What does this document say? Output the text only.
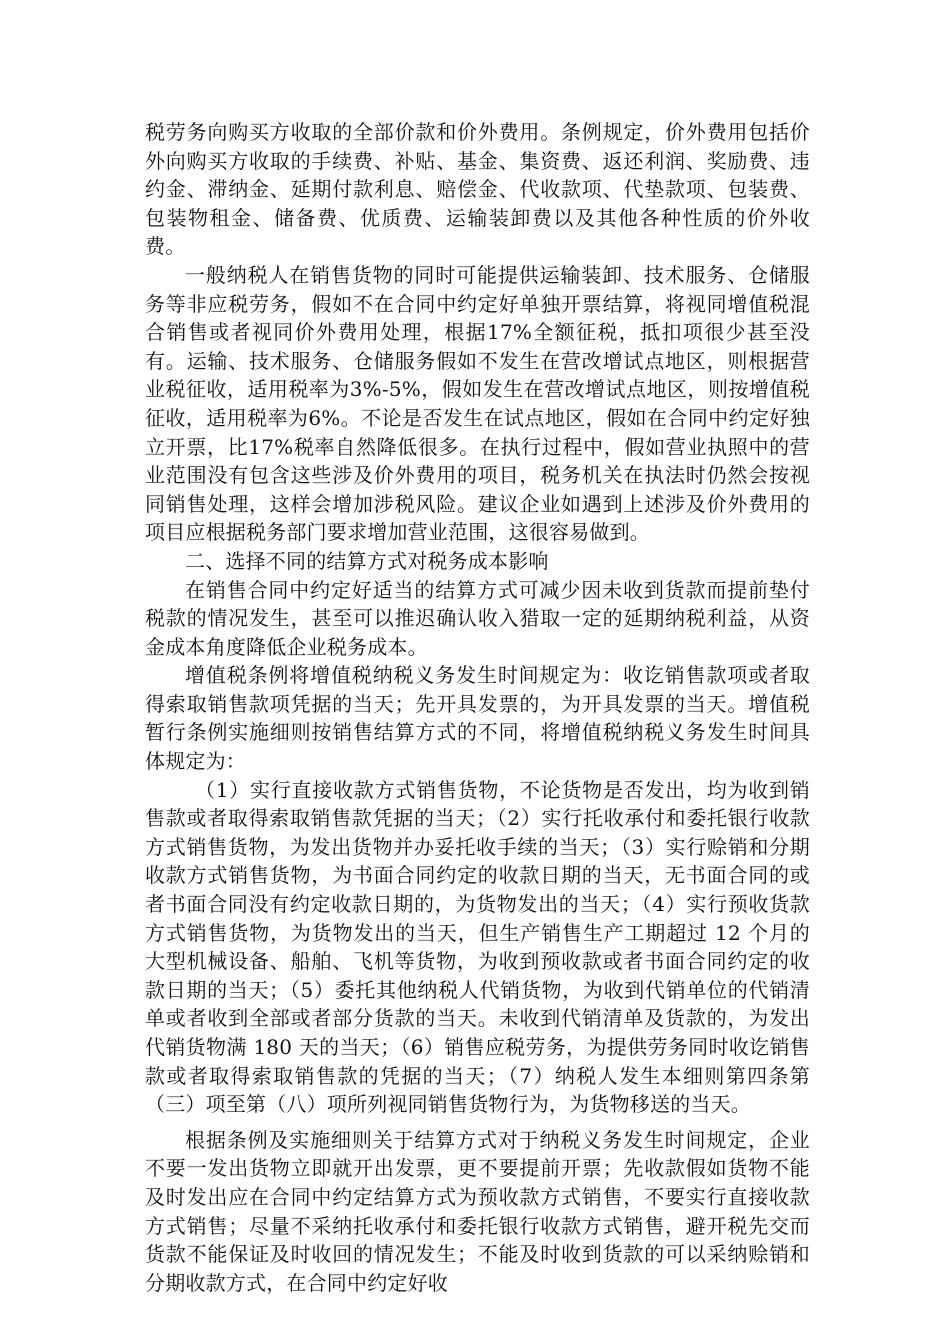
税劳务向购买方收取的全部价款和价外费用。条例规定，价外费用包括价外向购买方收取的手续费、补贴、基金、集资费、返还利润、奖励费、违约金、滞纳金、延期付款利息、赔偿金、代收款项、代垫款项、包装费、包装物租金、储备费、优质费、运输装卸费以及其他各种性质的价外收费。

一般纳税人在销售货物的同时可能提供运输装卸、技术服务、仓储服务等非应税劳务，假如不在合同中约定好单独开票结算，将视同增值税混合销售或者视同价外费用处理，根据17%全额征税，抵扣项很少甚至没有。运输、技术服务、仓储服务假如不发生在营改增试点地区，则根据营业税征收，适用税率为3%-5%，假如发生在营改增试点地区，则按增值税征收，适用税率为6%。不论是否发生在试点地区，假如在合同中约定好独立开票，比17%税率自然降低很多。在执行过程中，假如营业执照中的营业范围没有包含这些涉及价外费用的项目，税务机关在执法时仍然会按视同销售处理，这样会增加涉税风险。建议企业如遇到上述涉及价外费用的项目应根据税务部门要求增加营业范围，这很容易做到。

二、选择不同的结算方式对税务成本影响

在销售合同中约定好适当的结算方式可减少因未收到货款而提前垫付税款的情况发生，甚至可以推迟确认收入猎取一定的延期纳税利益，从资金成本角度降低企业税务成本。

增值税条例将增值税纳税义务发生时间规定为：收讫销售款项或者取得索取销售款项凭据的当天；先开具发票的，为开具发票的当天。增值税暂行条例实施细则按销售结算方式的不同，将增值税纳税义务发生时间具体规定为：

（1）实行直接收款方式销售货物，不论货物是否发出，均为收到销售款或者取得索取销售款凭据的当天；（2）实行托收承付和委托银行收款方式销售货物，为发出货物并办妥托收手续的当天；（3）实行赊销和分期收款方式销售货物，为书面合同约定的收款日期的当天，无书面合同的或者书面合同没有约定收款日期的，为货物发出的当天；（4）实行预收货款方式销售货物，为货物发出的当天，但生产销售生产工期超过 12 个月的大型机械设备、船舶、飞机等货物，为收到预收款或者书面合同约定的收款日期的当天；（5）委托其他纳税人代销货物，为收到代销单位的代销清单或者收到全部或者部分货款的当天。未收到代销清单及货款的，为发出代销货物满 180 天的当天；（6）销售应税劳务，为提供劳务同时收讫销售款或者取得索取销售款的凭据的当天；（7）纳税人发生本细则第四条第（三）项至第（八）项所列视同销售货物行为，为货物移送的当天。

根据条例及实施细则关于结算方式对于纳税义务发生时间规定，企业不要一发出货物立即就开出发票，更不要提前开票；先收款假如货物不能及时发出应在合同中约定结算方式为预收款方式销售，不要实行直接收款方式销售；尽量不采纳托收承付和委托银行收款方式销售，避开税先交而货款不能保证及时收回的情况发生；不能及时收到货款的可以采纳赊销和分期收款方式，在合同中约定好收
